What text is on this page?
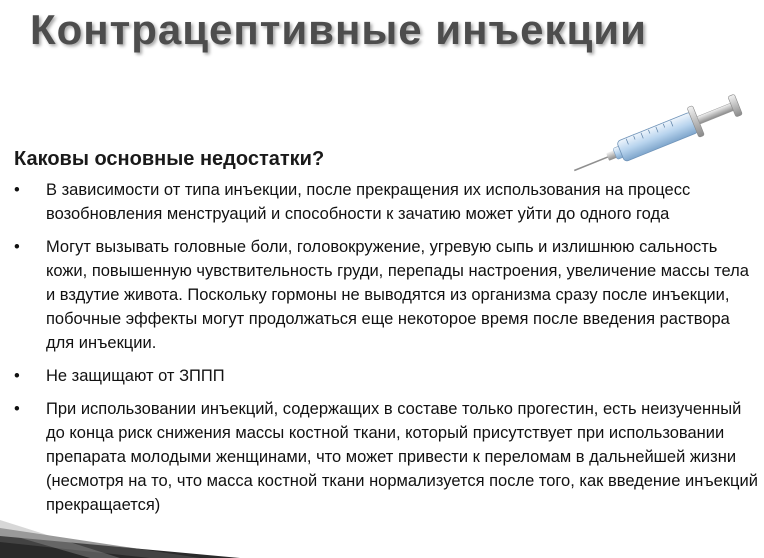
Контрацептивные инъекции
Каковы основные недостатки?
•	В зависимости от типа инъекции, после прекращения их использования на процесс возобновления менструаций и способности к зачатию может уйти до одного года
•	Могут вызывать головные боли, головокружение, угревую сыпь и излишнюю сальность кожи, повышенную чувствительность груди, перепады настроения, увеличение массы тела и вздутие живота. Поскольку гормоны не выводятся из организма сразу после инъекции, побочные эффекты могут продолжаться еще некоторое время после введения раствора для инъекции.
•	Не защищают от ЗППП
•	При использовании инъекций, содержащих в составе только прогестин, есть неизученный до конца риск снижения массы костной ткани, который присутствует при использовании препарата молодыми женщинами, что может привести к переломам в дальнейшей жизни (несмотря на то, что масса костной ткани нормализуется после того, как введение инъекций прекращается)
